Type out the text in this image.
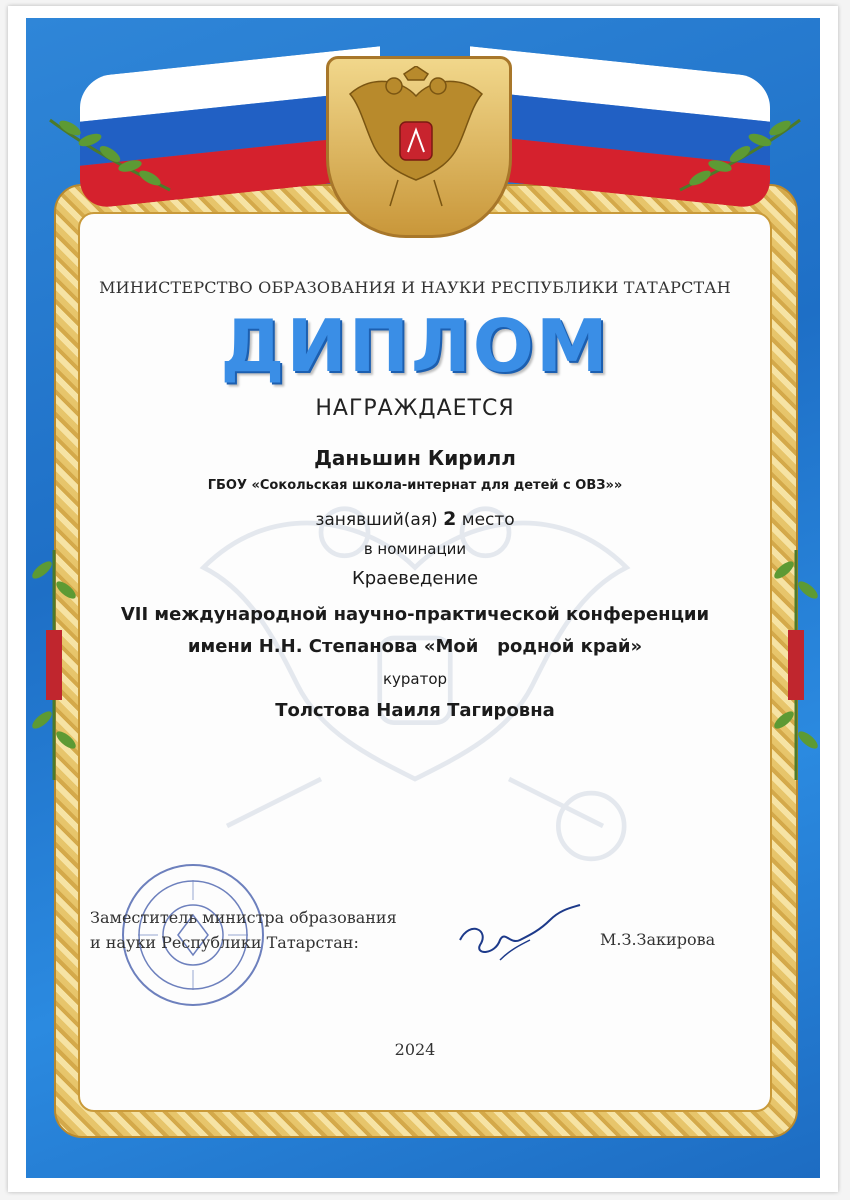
МИНИСТЕРСТВО ОБРАЗОВАНИЯ И НАУКИ РЕСПУБЛИКИ ТАТАРСТАН
ДИПЛОМ
НАГРАЖДАЕТСЯ
Даньшин Кирилл
ГБОУ «Сокольская школа-интернат для детей с ОВЗ»»
занявший(ая) 2 место
в номинации
Краеведение
VII международной научно-практической конференции
имени Н.Н. Степанова «Мой   родной край»
куратор
Толстова Наиля Тагировна
Заместитель министра образования
и науки Республики Татарстан:	М.З.Закирова
2024
